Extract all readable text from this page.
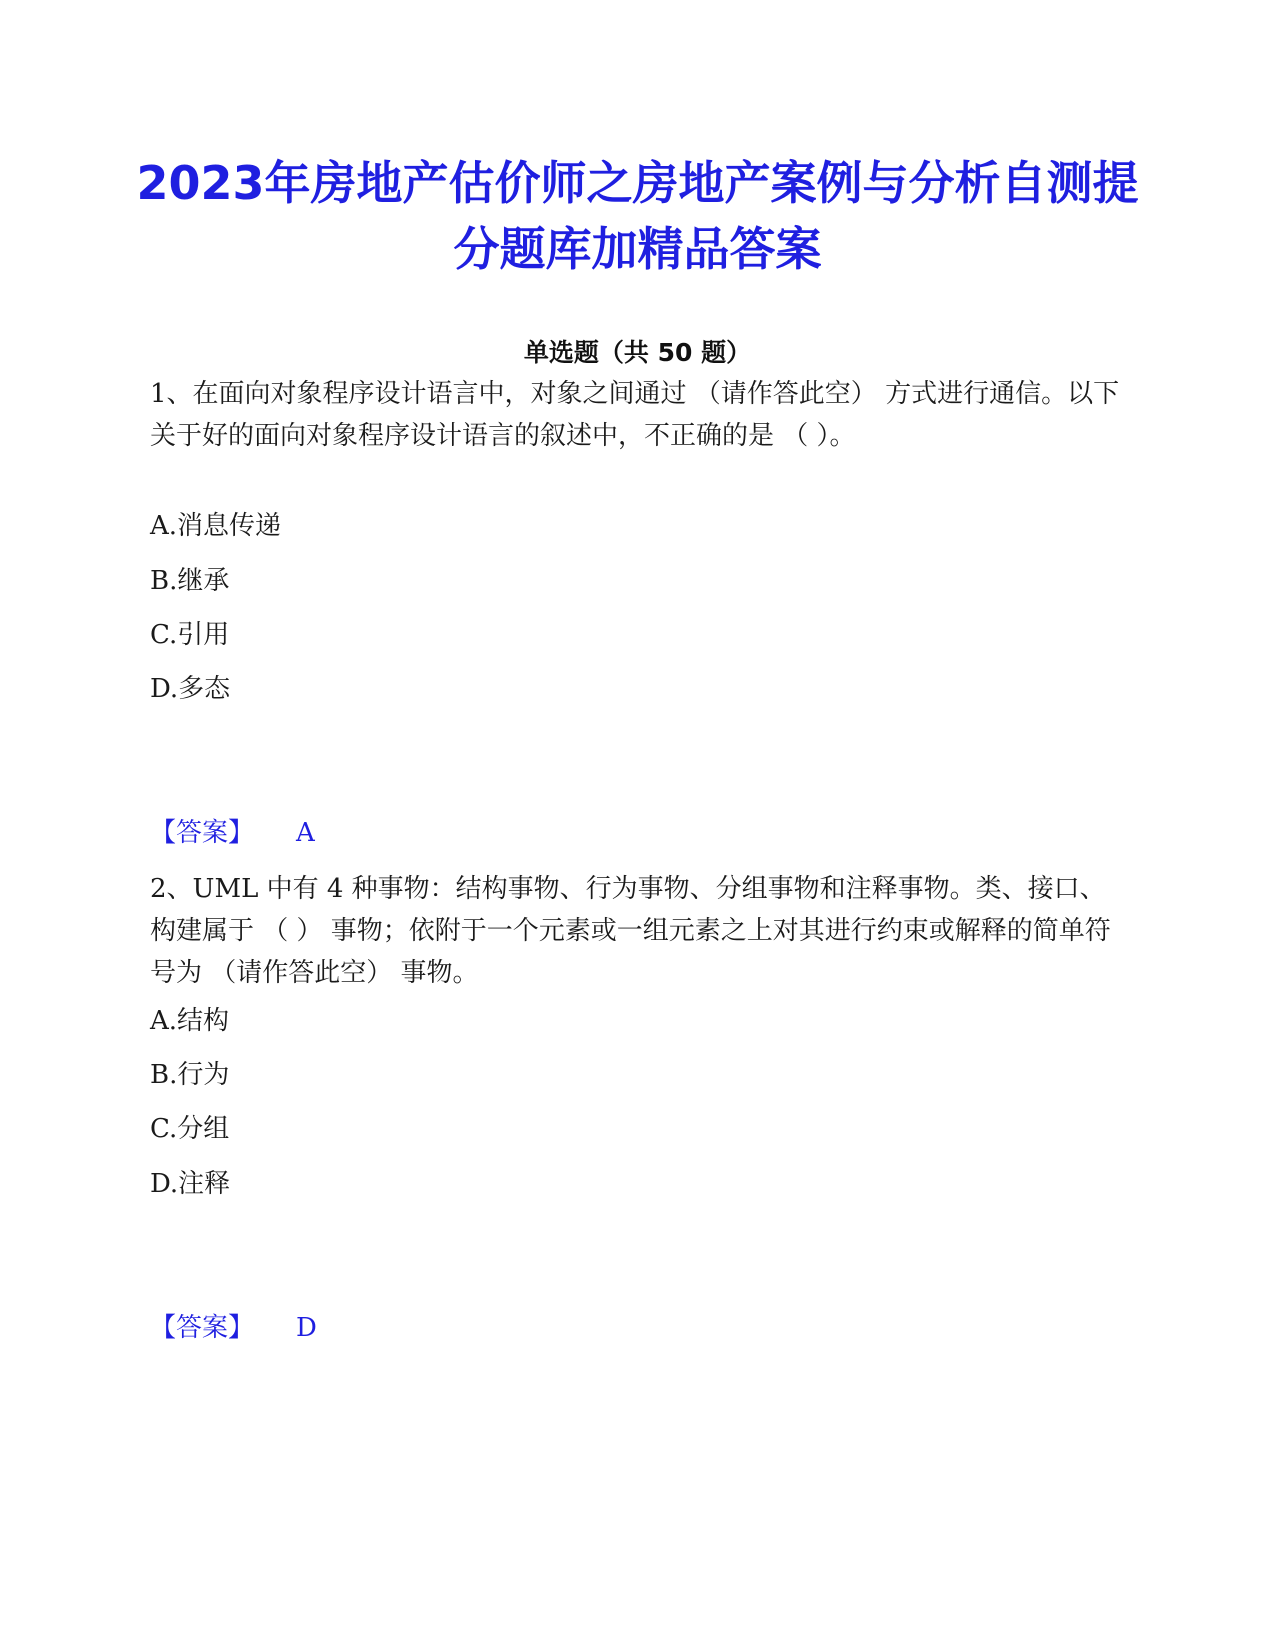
2023年房地产估价师之房地产案例与分析自测提分题库加精品答案
单选题（共 50 题）

1、在面向对象程序设计语言中，对象之间通过 （请作答此空） 方式进行通信。以下关于好的面向对象程序设计语言的叙述中，不正确的是 （ ）。

A.消息传递
B.继承
C.引用
D.多态
【答案】 A

2、UML 中有 4 种事物：结构事物、行为事物、分组事物和注释事物。类、接口、构建属于 （ ） 事物；依附于一个元素或一组元素之上对其进行约束或解释的简单符号为 （请作答此空） 事物。

A.结构
B.行为
C.分组
D.注释
【答案】 D
